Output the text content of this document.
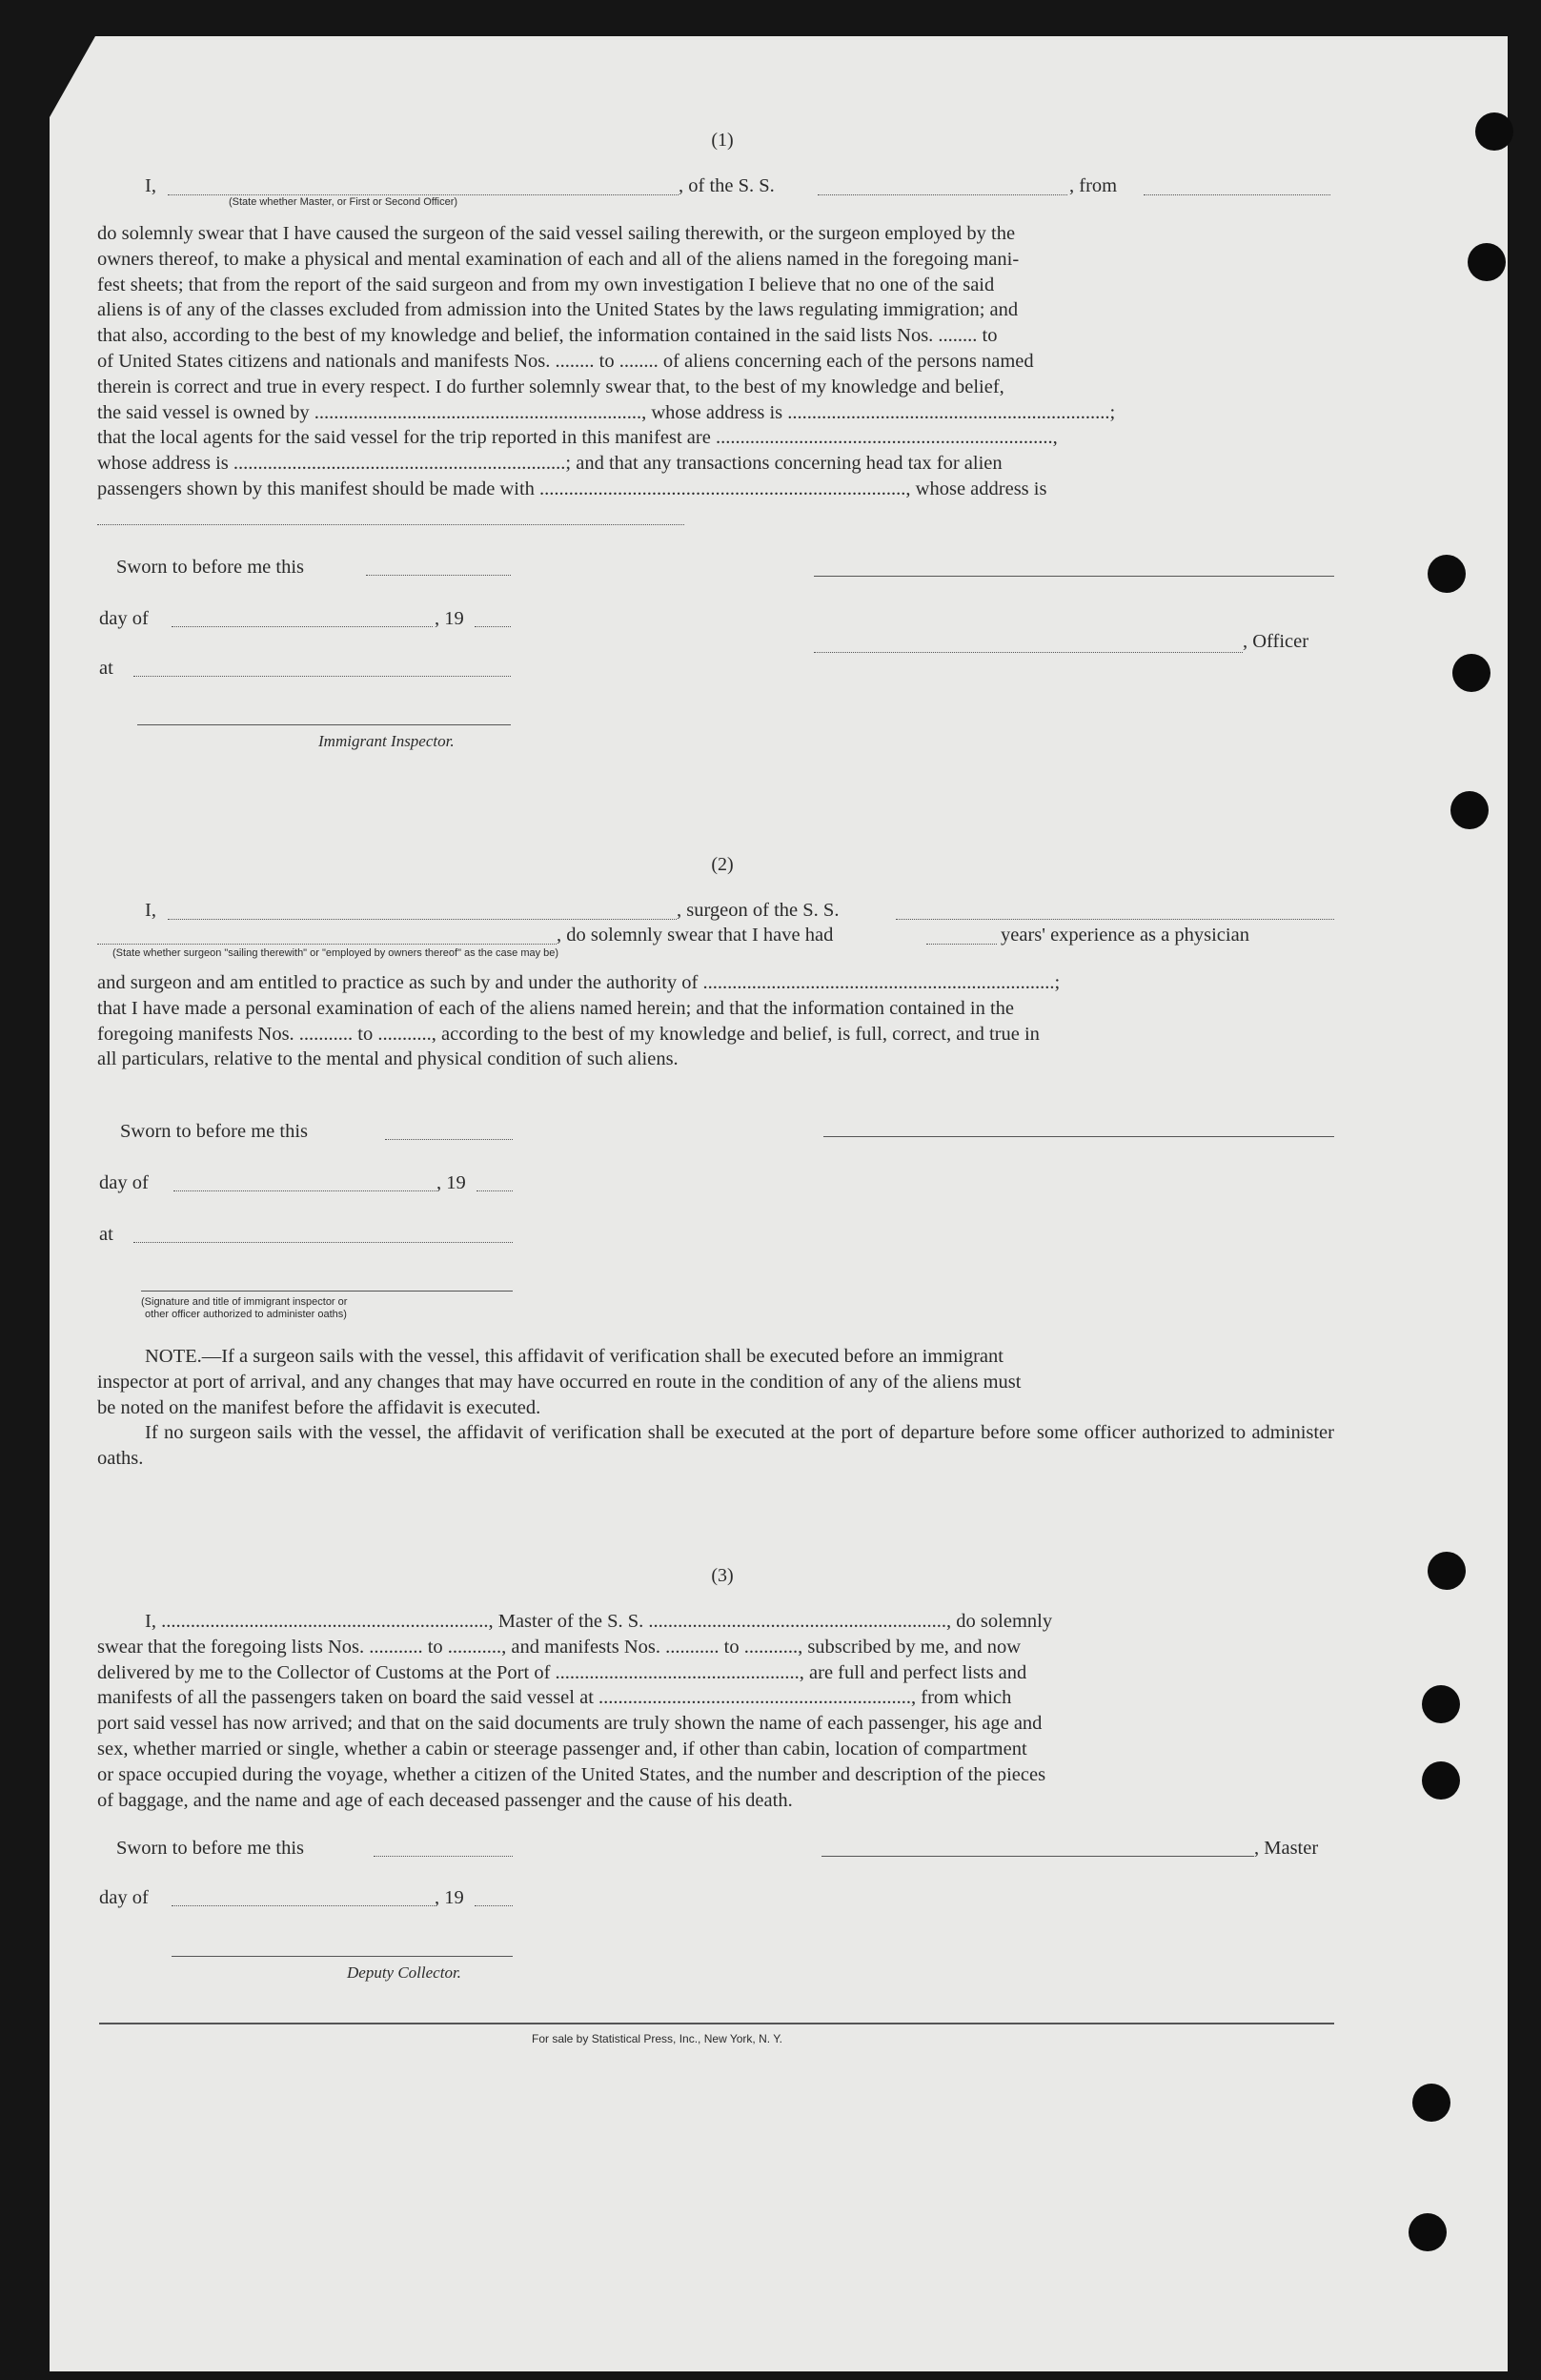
(1)
I,	, of the S. S.	, from
(State whether Master, or First or Second Officer)

do solemnly swear that I have caused the surgeon of the said vessel sailing therewith, or the surgeon employed by the

owners thereof, to make a physical and mental examination of each and all of the aliens named in the foregoing mani-

fest sheets; that from the report of the said surgeon and from my own investigation I believe that no one of the said

aliens is of any of the classes excluded from admission into the United States by the laws regulating immigration; and

that also, according to the best of my knowledge and belief, the information contained in the said lists Nos. ........ to

of United States citizens and nationals and manifests Nos. ........ to ........ of aliens concerning each of the persons named

therein is correct and true in every respect. I do further solemnly swear that, to the best of my knowledge and belief,

the said vessel is owned by ..................................................................., whose address is ..................................................................;

that the local agents for the said vessel for the trip reported in this manifest are .....................................................................,

whose address is ....................................................................; and that any transactions concerning head tax for alien

passengers shown by this manifest should be made with ..........................................................................., whose address is

Sworn to before me this
day of	, 19
at
Immigrant Inspector.
, Officer
(2)
I,	, surgeon of the S. S.
, do solemnly swear that I have had	years' experience as a physician
(State whether surgeon "sailing therewith" or "employed by owners thereof" as the case may be)

and surgeon and am entitled to practice as such by and under the authority of ........................................................................;

that I have made a personal examination of each of the aliens named herein; and that the information contained in the

foregoing manifests Nos. ........... to ..........., according to the best of my knowledge and belief, is full, correct, and true in

all particulars, relative to the mental and physical condition of such aliens.

Sworn to before me this
day of	, 19
at
(Signature and title of immigrant inspector or
other officer authorized to administer oaths)

NOTE.—If a surgeon sails with the vessel, this affidavit of verification shall be executed before an immigrant

inspector at port of arrival, and any changes that may have occurred en route in the condition of any of the aliens must

be noted on the manifest before the affidavit is executed.

If no surgeon sails with the vessel, the affidavit of verification shall be executed at the port of departure before some officer authorized to administer oaths.

(3)

I, ..................................................................., Master of the S. S. ............................................................., do solemnly

swear that the foregoing lists Nos. ........... to ..........., and manifests Nos. ........... to ..........., subscribed by me, and now

delivered by me to the Collector of Customs at the Port of .................................................., are full and perfect lists and

manifests of all the passengers taken on board the said vessel at ................................................................, from which

port said vessel has now arrived; and that on the said documents are truly shown the name of each passenger, his age and

sex, whether married or single, whether a cabin or steerage passenger and, if other than cabin, location of compartment

or space occupied during the voyage, whether a citizen of the United States, and the number and description of the pieces

of baggage, and the name and age of each deceased passenger and the cause of his death.

Sworn to before me this	, Master
day of	, 19
Deputy Collector.
For sale by Statistical Press, Inc., New York, N. Y.
